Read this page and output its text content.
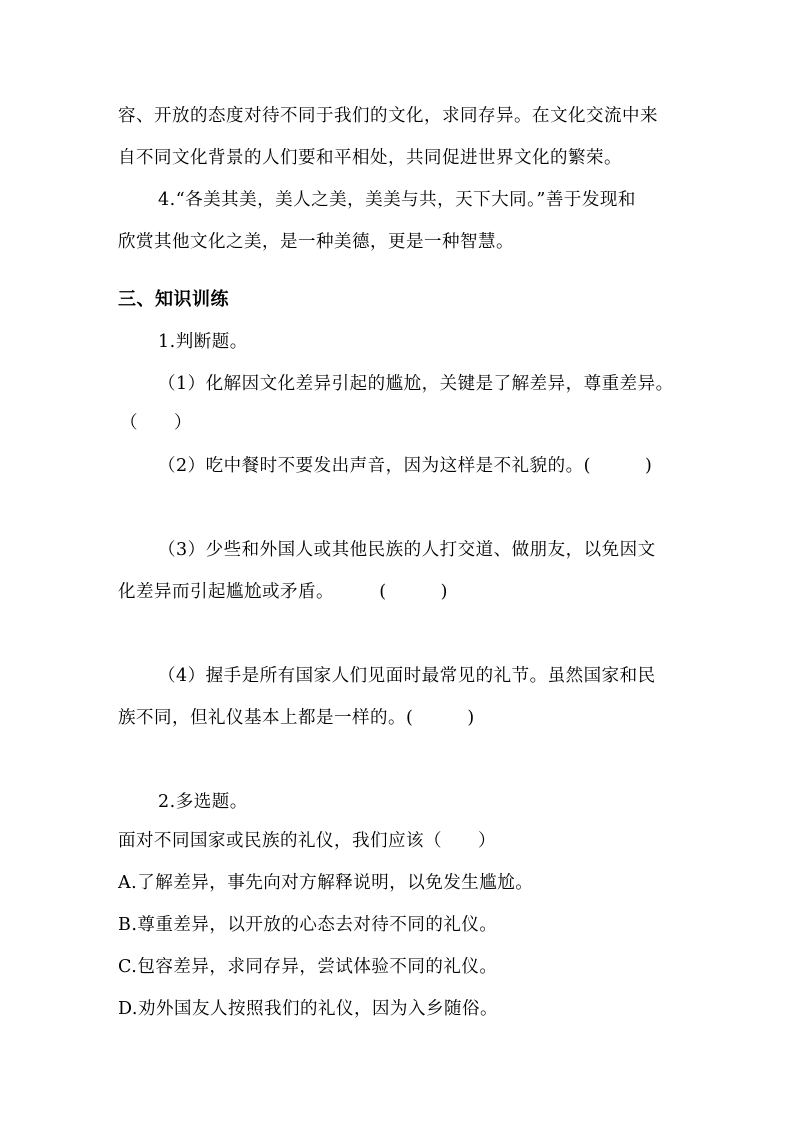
容、开放的态度对待不同于我们的文化，求同存异。在文化交流中来
自不同文化背景的人们要和平相处，共同促进世界文化的繁荣。
4.“各美其美，美人之美，美美与共，天下大同。”善于发现和
欣赏其他文化之美，是一种美德，更是一种智慧。
三、知识训练
1.判断题。
（1）化解因文化差异引起的尴尬，关键是了解差异，尊重差异。
（　　）
（2）吃中餐时不要发出声音，因为这样是不礼貌的。(　　　)
（3）少些和外国人或其他民族的人打交道、做朋友，以免因文
化差异而引起尴尬或矛盾。　　　(　　　)
（4）握手是所有国家人们见面时最常见的礼节。虽然国家和民
族不同，但礼仪基本上都是一样的。(　　　)
2.多选题。
面对不同国家或民族的礼仪，我们应该（　　）
A.了解差异，事先向对方解释说明，以免发生尴尬。
B.尊重差异，以开放的心态去对待不同的礼仪。
C.包容差异，求同存异，尝试体验不同的礼仪。
D.劝外国友人按照我们的礼仪，因为入乡随俗。
